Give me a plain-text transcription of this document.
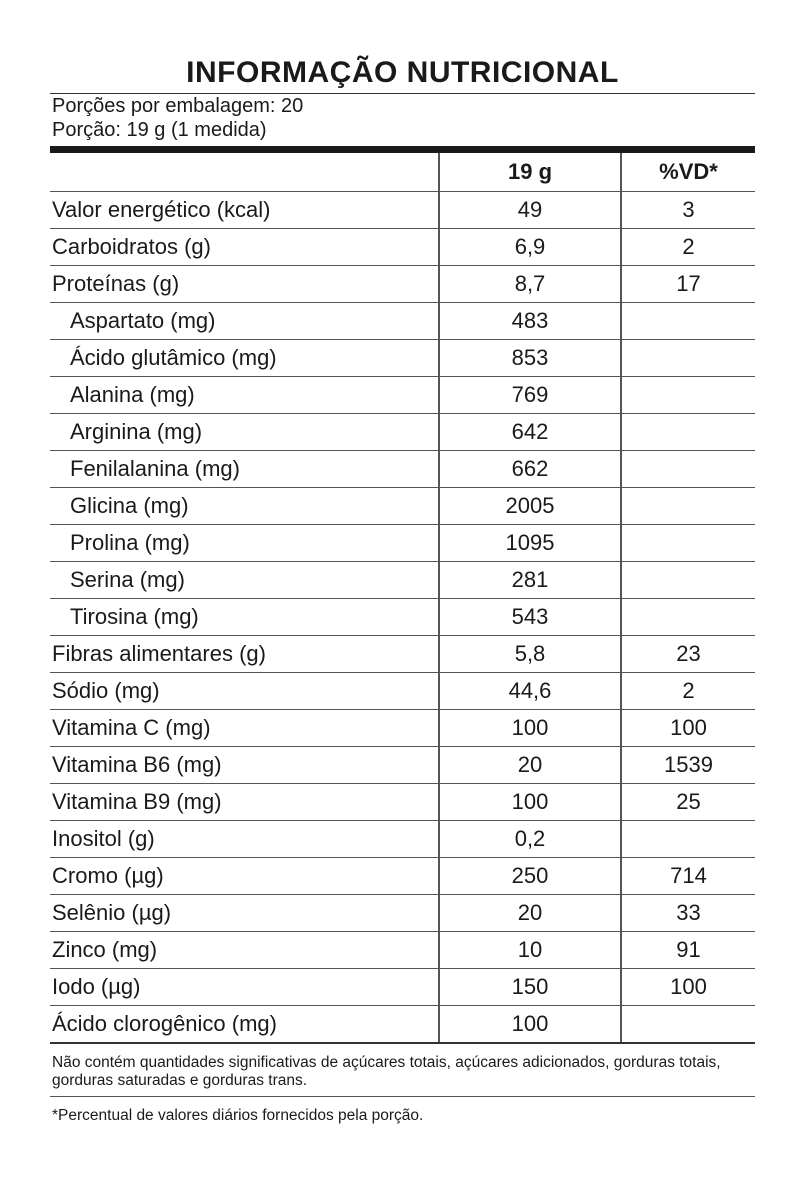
INFORMAÇÃO NUTRICIONAL
Porções por embalagem: 20
Porção: 19 g (1 medida)
	19 g	%VD*
Valor energético (kcal)	49	3
Carboidratos (g)	6,9	2
Proteínas (g)	8,7	17
Aspartato (mg)	483	
Ácido glutâmico (mg)	853	
Alanina (mg)	769	
Arginina (mg)	642	
Fenilalanina (mg)	662	
Glicina (mg)	2005	
Prolina (mg)	1095	
Serina (mg)	281	
Tirosina (mg)	543	
Fibras alimentares (g)	5,8	23
Sódio (mg)	44,6	2
Vitamina C (mg)	100	100
Vitamina B6 (mg)	20	1539
Vitamina B9 (mg)	100	25
Inositol (g)	0,2	
Cromo (µg)	250	714
Selênio (µg)	20	33
Zinco (mg)	10	91
Iodo (µg)	150	100
Ácido clorogênico (mg)	100	
Não contém quantidades significativas de açúcares totais, açúcares adicionados, gorduras totais, gorduras saturadas e gorduras trans.
*Percentual de valores diários fornecidos pela porção.
